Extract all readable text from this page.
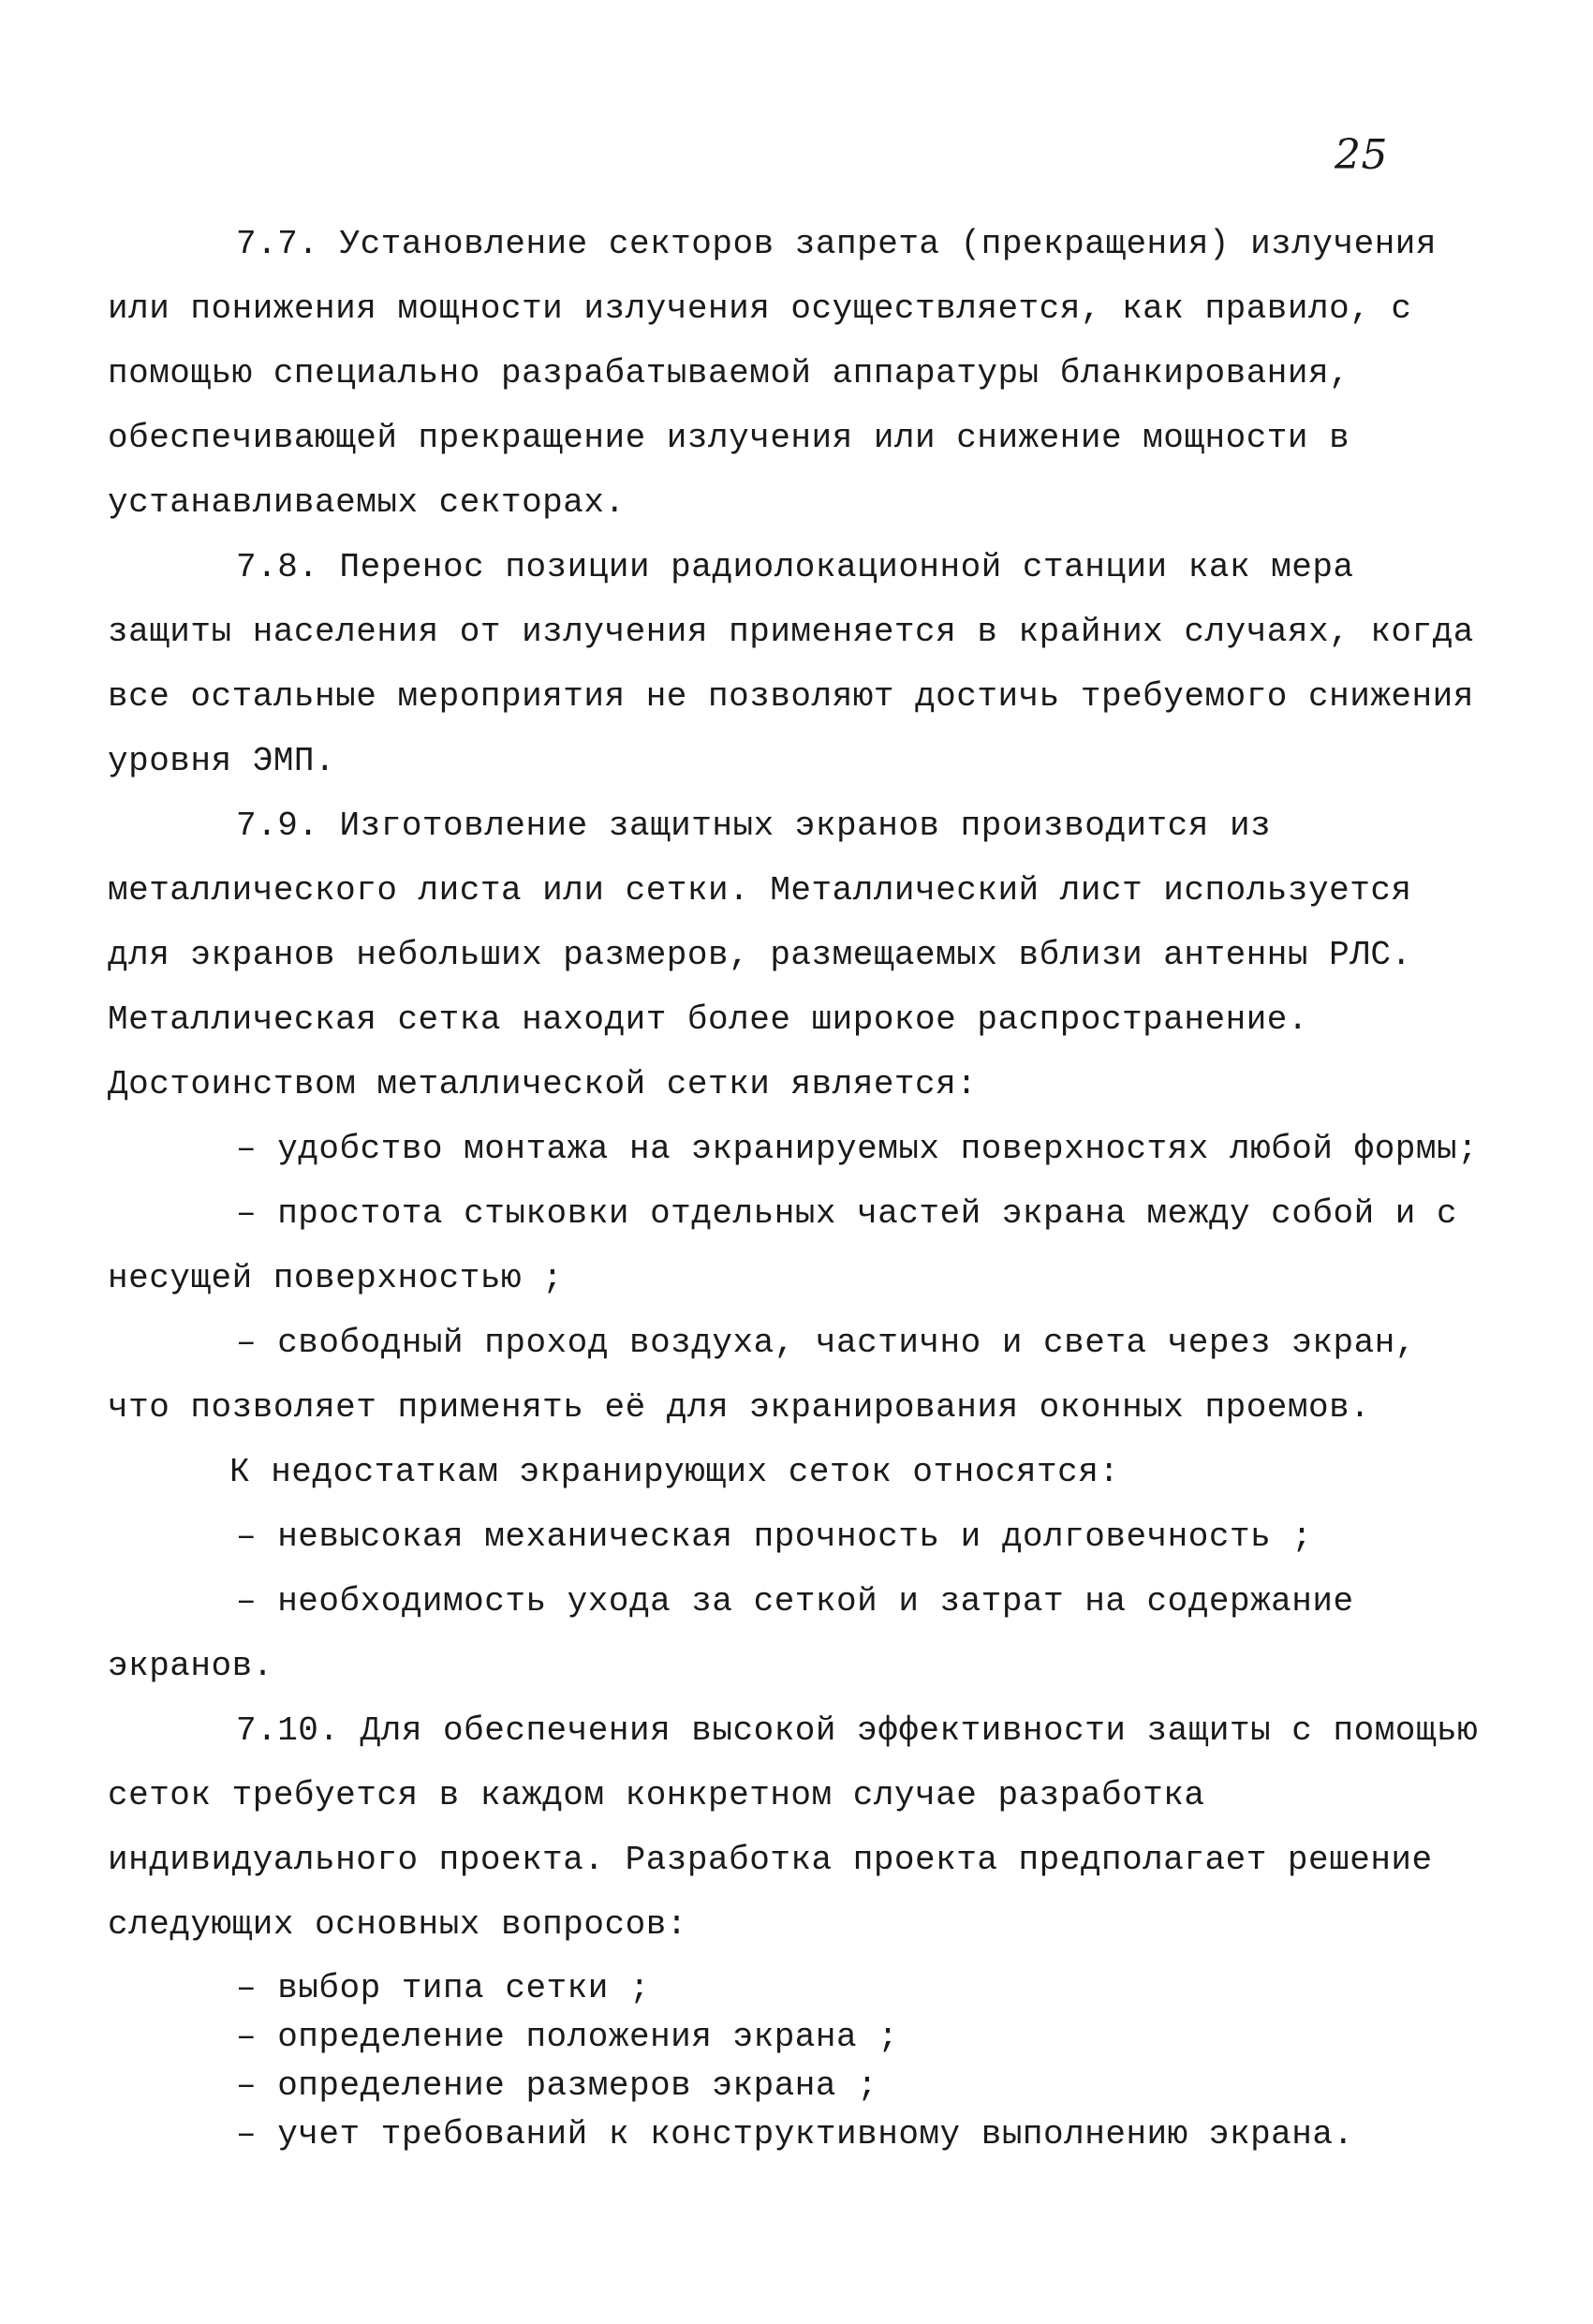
25

7.7. Установление секторов запрета (прекращения) излучения или понижения мощности излучения осуществляется, как правило, с помощью специально разрабатываемой аппаратуры бланкирования, обеспечивающей прекращение излучения или снижение мощности в устанавливаемых секторах.

7.8. Перенос позиции радиолокационной станции как мера защиты населения от излучения применяется в крайних случаях, когда все остальные мероприятия не позволяют достичь требуемого снижения уровня ЭМП.

7.9. Изготовление защитных экранов производится из металлического листа или сетки. Металлический лист используется для экранов небольших размеров, размещаемых вблизи антенны РЛС. Металлическая сетка находит более широкое распространение. Достоинством металлической сетки является:

– удобство монтажа на экранируемых поверхностях любой формы;

– простота стыковки отдельных частей экрана между собой и с несущей поверхностью ;

– свободный проход воздуха, частично и света через экран, что позволяет применять её для экранирования оконных проемов.

К недостаткам экранирующих сеток относятся:

– невысокая механическая прочность и долговечность ;

– необходимость ухода за сеткой и затрат на содержание экранов.

7.10. Для обеспечения высокой эффективности защиты с помощью сеток требуется в каждом конкретном случае разработка индивидуального проекта. Разработка проекта предполагает решение следующих основных вопросов:

– выбор типа сетки ;

– определение положения экрана ;

– определение размеров экрана ;

– учет требований к конструктивному выполнению экрана.
